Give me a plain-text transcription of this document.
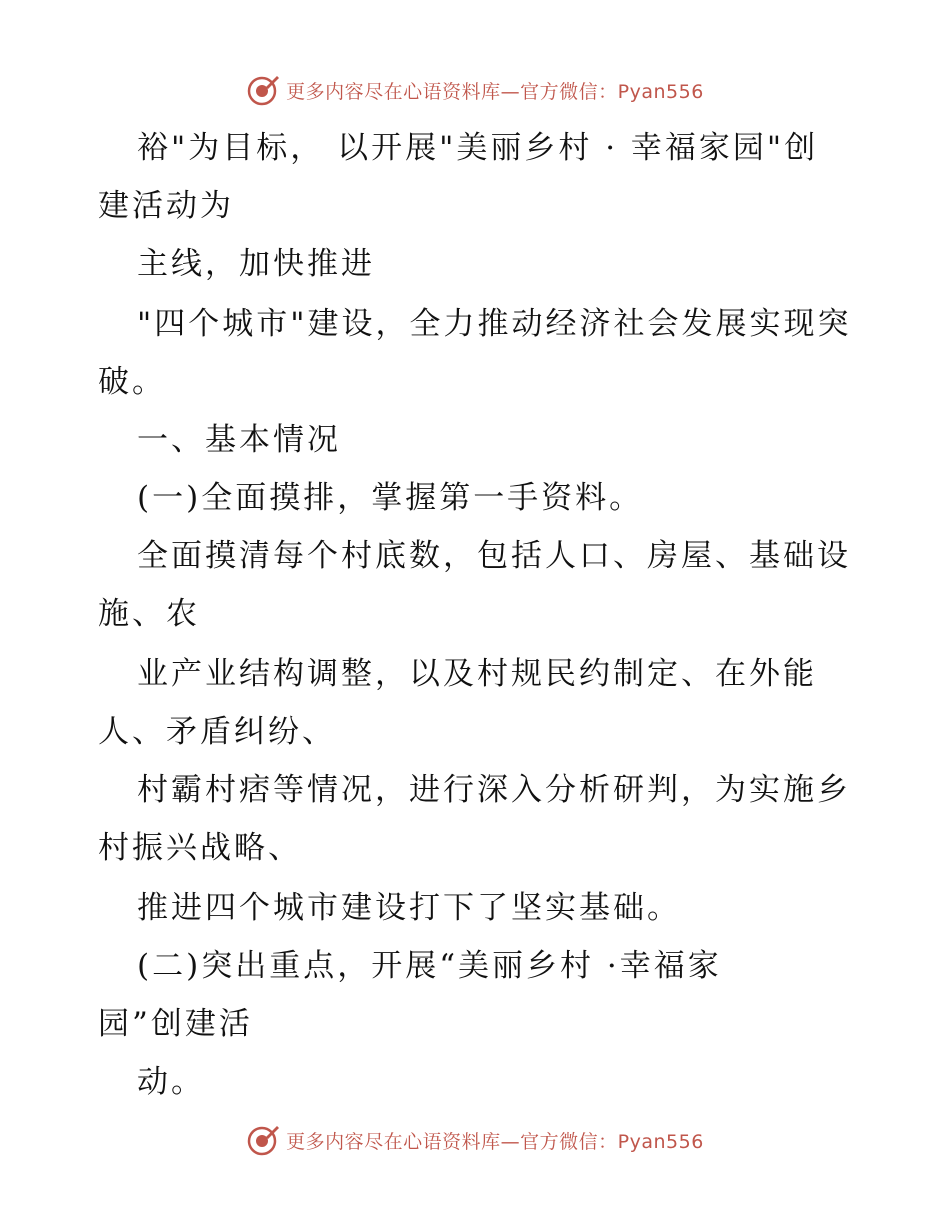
更多内容尽在心语资料库—官方微信：Pyan556
裕"为目标， 以开展"美丽乡村 · 幸福家园"创
建活动为
主线，加快推进
"四个城市"建设，全力推动经济社会发展实现突
破。
一、基本情况
(一)全面摸排，掌握第一手资料。
全面摸清每个村底数，包括人口、房屋、基础设
施、农
业产业结构调整，以及村规民约制定、在外能
人、矛盾纠纷、
村霸村痞等情况，进行深入分析研判，为实施乡
村振兴战略、
推进四个城市建设打下了坚实基础。
(二)突出重点，开展“美丽乡村 ·幸福家
园”创建活
动。
更多内容尽在心语资料库—官方微信：Pyan556
